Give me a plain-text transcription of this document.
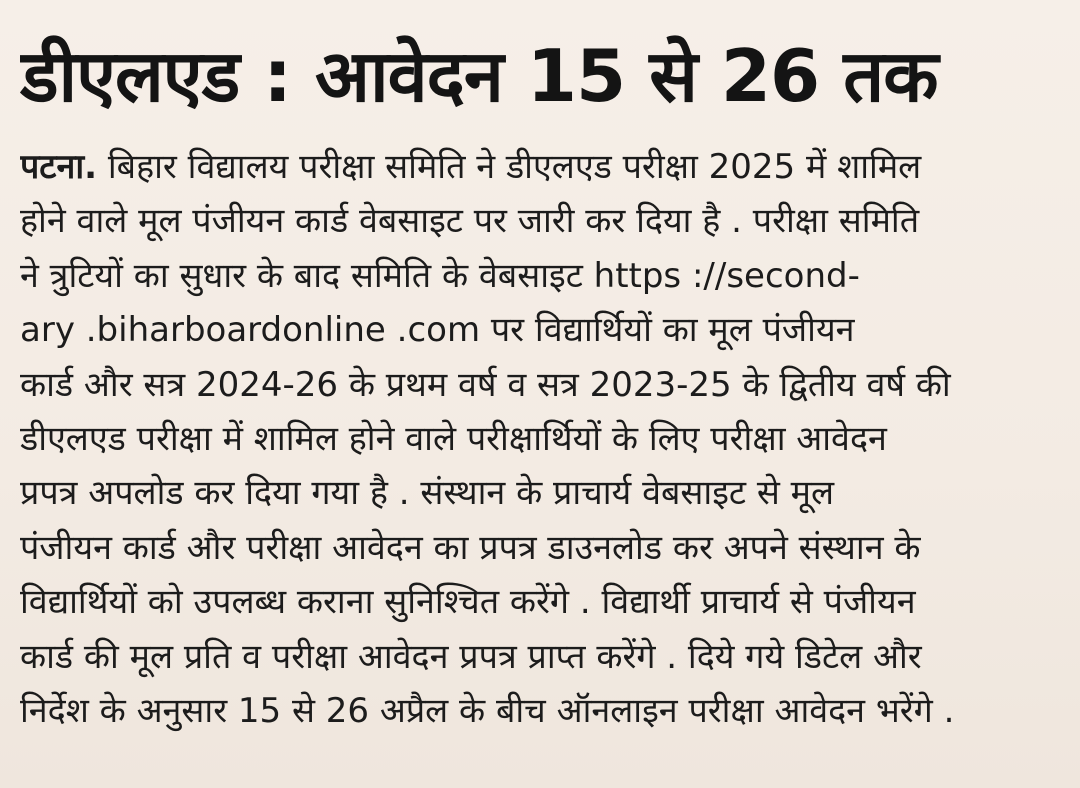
डीएलएड : आवेदन 15 से 26 तक
पटना. बिहार विद्यालय परीक्षा समिति ने डीएलएड परीक्षा 2025 में शामिल
होने वाले मूल पंजीयन कार्ड वेबसाइट पर जारी कर दिया है . परीक्षा समिति
ने त्रुटियों का सुधार के बाद समिति के वेबसाइट https ://second-
ary .biharboardonline .com पर विद्यार्थियों का मूल पंजीयन
कार्ड और सत्र 2024-26 के प्रथम वर्ष व सत्र 2023-25 के द्वितीय वर्ष की
डीएलएड परीक्षा में शामिल होने वाले परीक्षार्थियों के लिए परीक्षा आवेदन
प्रपत्र अपलोड कर दिया गया है . संस्थान के प्राचार्य वेबसाइट से मूल
पंजीयन कार्ड और परीक्षा आवेदन का प्रपत्र डाउनलोड कर अपने संस्थान के
विद्यार्थियों को उपलब्ध कराना सुनिश्चित करेंगे . विद्यार्थी प्राचार्य से पंजीयन
कार्ड की मूल प्रति व परीक्षा आवेदन प्रपत्र प्राप्त करेंगे . दिये गये डिटेल और
निर्देश के अनुसार 15 से 26 अप्रैल के बीच ऑनलाइन परीक्षा आवेदन भरेंगे .
